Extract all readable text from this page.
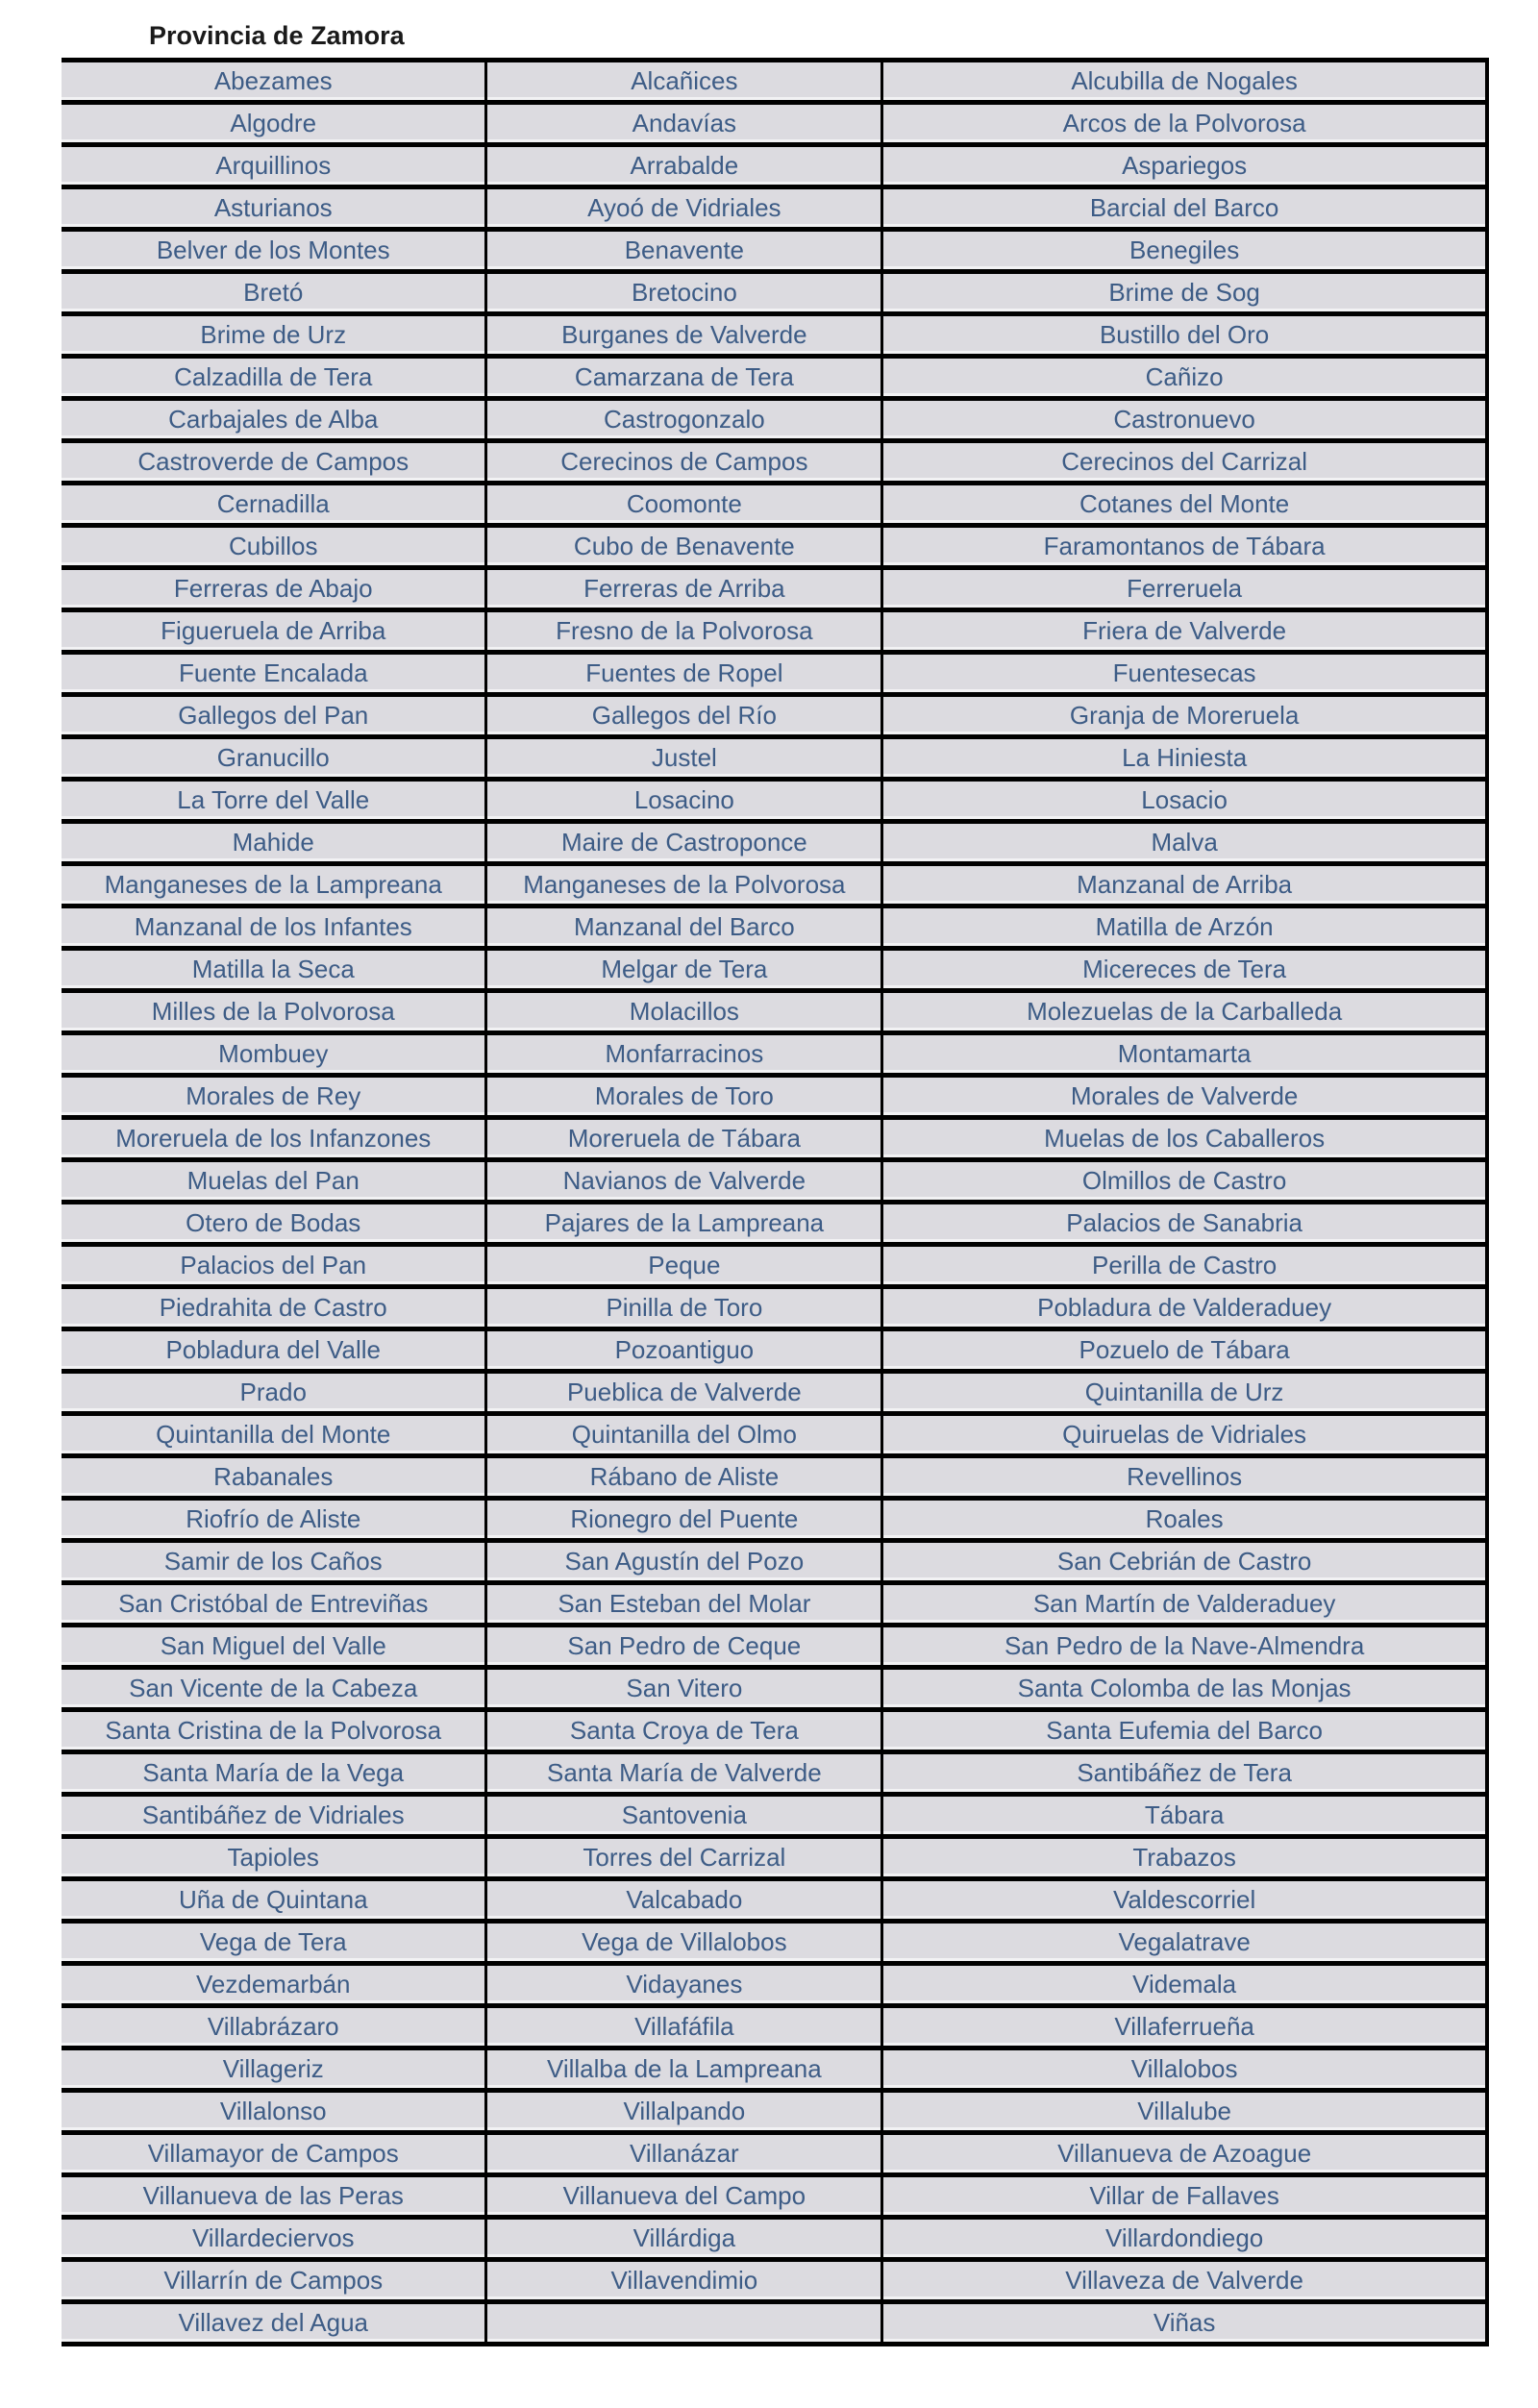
Provincia de Zamora
Abezames	Alcañices	Alcubilla de Nogales
Algodre	Andavías	Arcos de la Polvorosa
Arquillinos	Arrabalde	Aspariegos
Asturianos	Ayoó de Vidriales	Barcial del Barco
Belver de los Montes	Benavente	Benegiles
Bretó	Bretocino	Brime de Sog
Brime de Urz	Burganes de Valverde	Bustillo del Oro
Calzadilla de Tera	Camarzana de Tera	Cañizo
Carbajales de Alba	Castrogonzalo	Castronuevo
Castroverde de Campos	Cerecinos de Campos	Cerecinos del Carrizal
Cernadilla	Coomonte	Cotanes del Monte
Cubillos	Cubo de Benavente	Faramontanos de Tábara
Ferreras de Abajo	Ferreras de Arriba	Ferreruela
Figueruela de Arriba	Fresno de la Polvorosa	Friera de Valverde
Fuente Encalada	Fuentes de Ropel	Fuentesecas
Gallegos del Pan	Gallegos del Río	Granja de Moreruela
Granucillo	Justel	La Hiniesta
La Torre del Valle	Losacino	Losacio
Mahide	Maire de Castroponce	Malva
Manganeses de la Lampreana	Manganeses de la Polvorosa	Manzanal de Arriba
Manzanal de los Infantes	Manzanal del Barco	Matilla de Arzón
Matilla la Seca	Melgar de Tera	Micereces de Tera
Milles de la Polvorosa	Molacillos	Molezuelas de la Carballeda
Mombuey	Monfarracinos	Montamarta
Morales de Rey	Morales de Toro	Morales de Valverde
Moreruela de los Infanzones	Moreruela de Tábara	Muelas de los Caballeros
Muelas del Pan	Navianos de Valverde	Olmillos de Castro
Otero de Bodas	Pajares de la Lampreana	Palacios de Sanabria
Palacios del Pan	Peque	Perilla de Castro
Piedrahita de Castro	Pinilla de Toro	Pobladura de Valderaduey
Pobladura del Valle	Pozoantiguo	Pozuelo de Tábara
Prado	Pueblica de Valverde	Quintanilla de Urz
Quintanilla del Monte	Quintanilla del Olmo	Quiruelas de Vidriales
Rabanales	Rábano de Aliste	Revellinos
Riofrío de Aliste	Rionegro del Puente	Roales
Samir de los Caños	San Agustín del Pozo	San Cebrián de Castro
San Cristóbal de Entreviñas	San Esteban del Molar	San Martín de Valderaduey
San Miguel del Valle	San Pedro de Ceque	San Pedro de la Nave-Almendra
San Vicente de la Cabeza	San Vitero	Santa Colomba de las Monjas
Santa Cristina de la Polvorosa	Santa Croya de Tera	Santa Eufemia del Barco
Santa María de la Vega	Santa María de Valverde	Santibáñez de Tera
Santibáñez de Vidriales	Santovenia	Tábara
Tapioles	Torres del Carrizal	Trabazos
Uña de Quintana	Valcabado	Valdescorriel
Vega de Tera	Vega de Villalobos	Vegalatrave
Vezdemarbán	Vidayanes	Videmala
Villabrázaro	Villafáfila	Villaferrueña
Villageriz	Villalba de la Lampreana	Villalobos
Villalonso	Villalpando	Villalube
Villamayor de Campos	Villanázar	Villanueva de Azoague
Villanueva de las Peras	Villanueva del Campo	Villar de Fallaves
Villardeciervos	Villárdiga	Villardondiego
Villarrín de Campos	Villavendimio	Villaveza de Valverde
Villavez del Agua		Viñas
